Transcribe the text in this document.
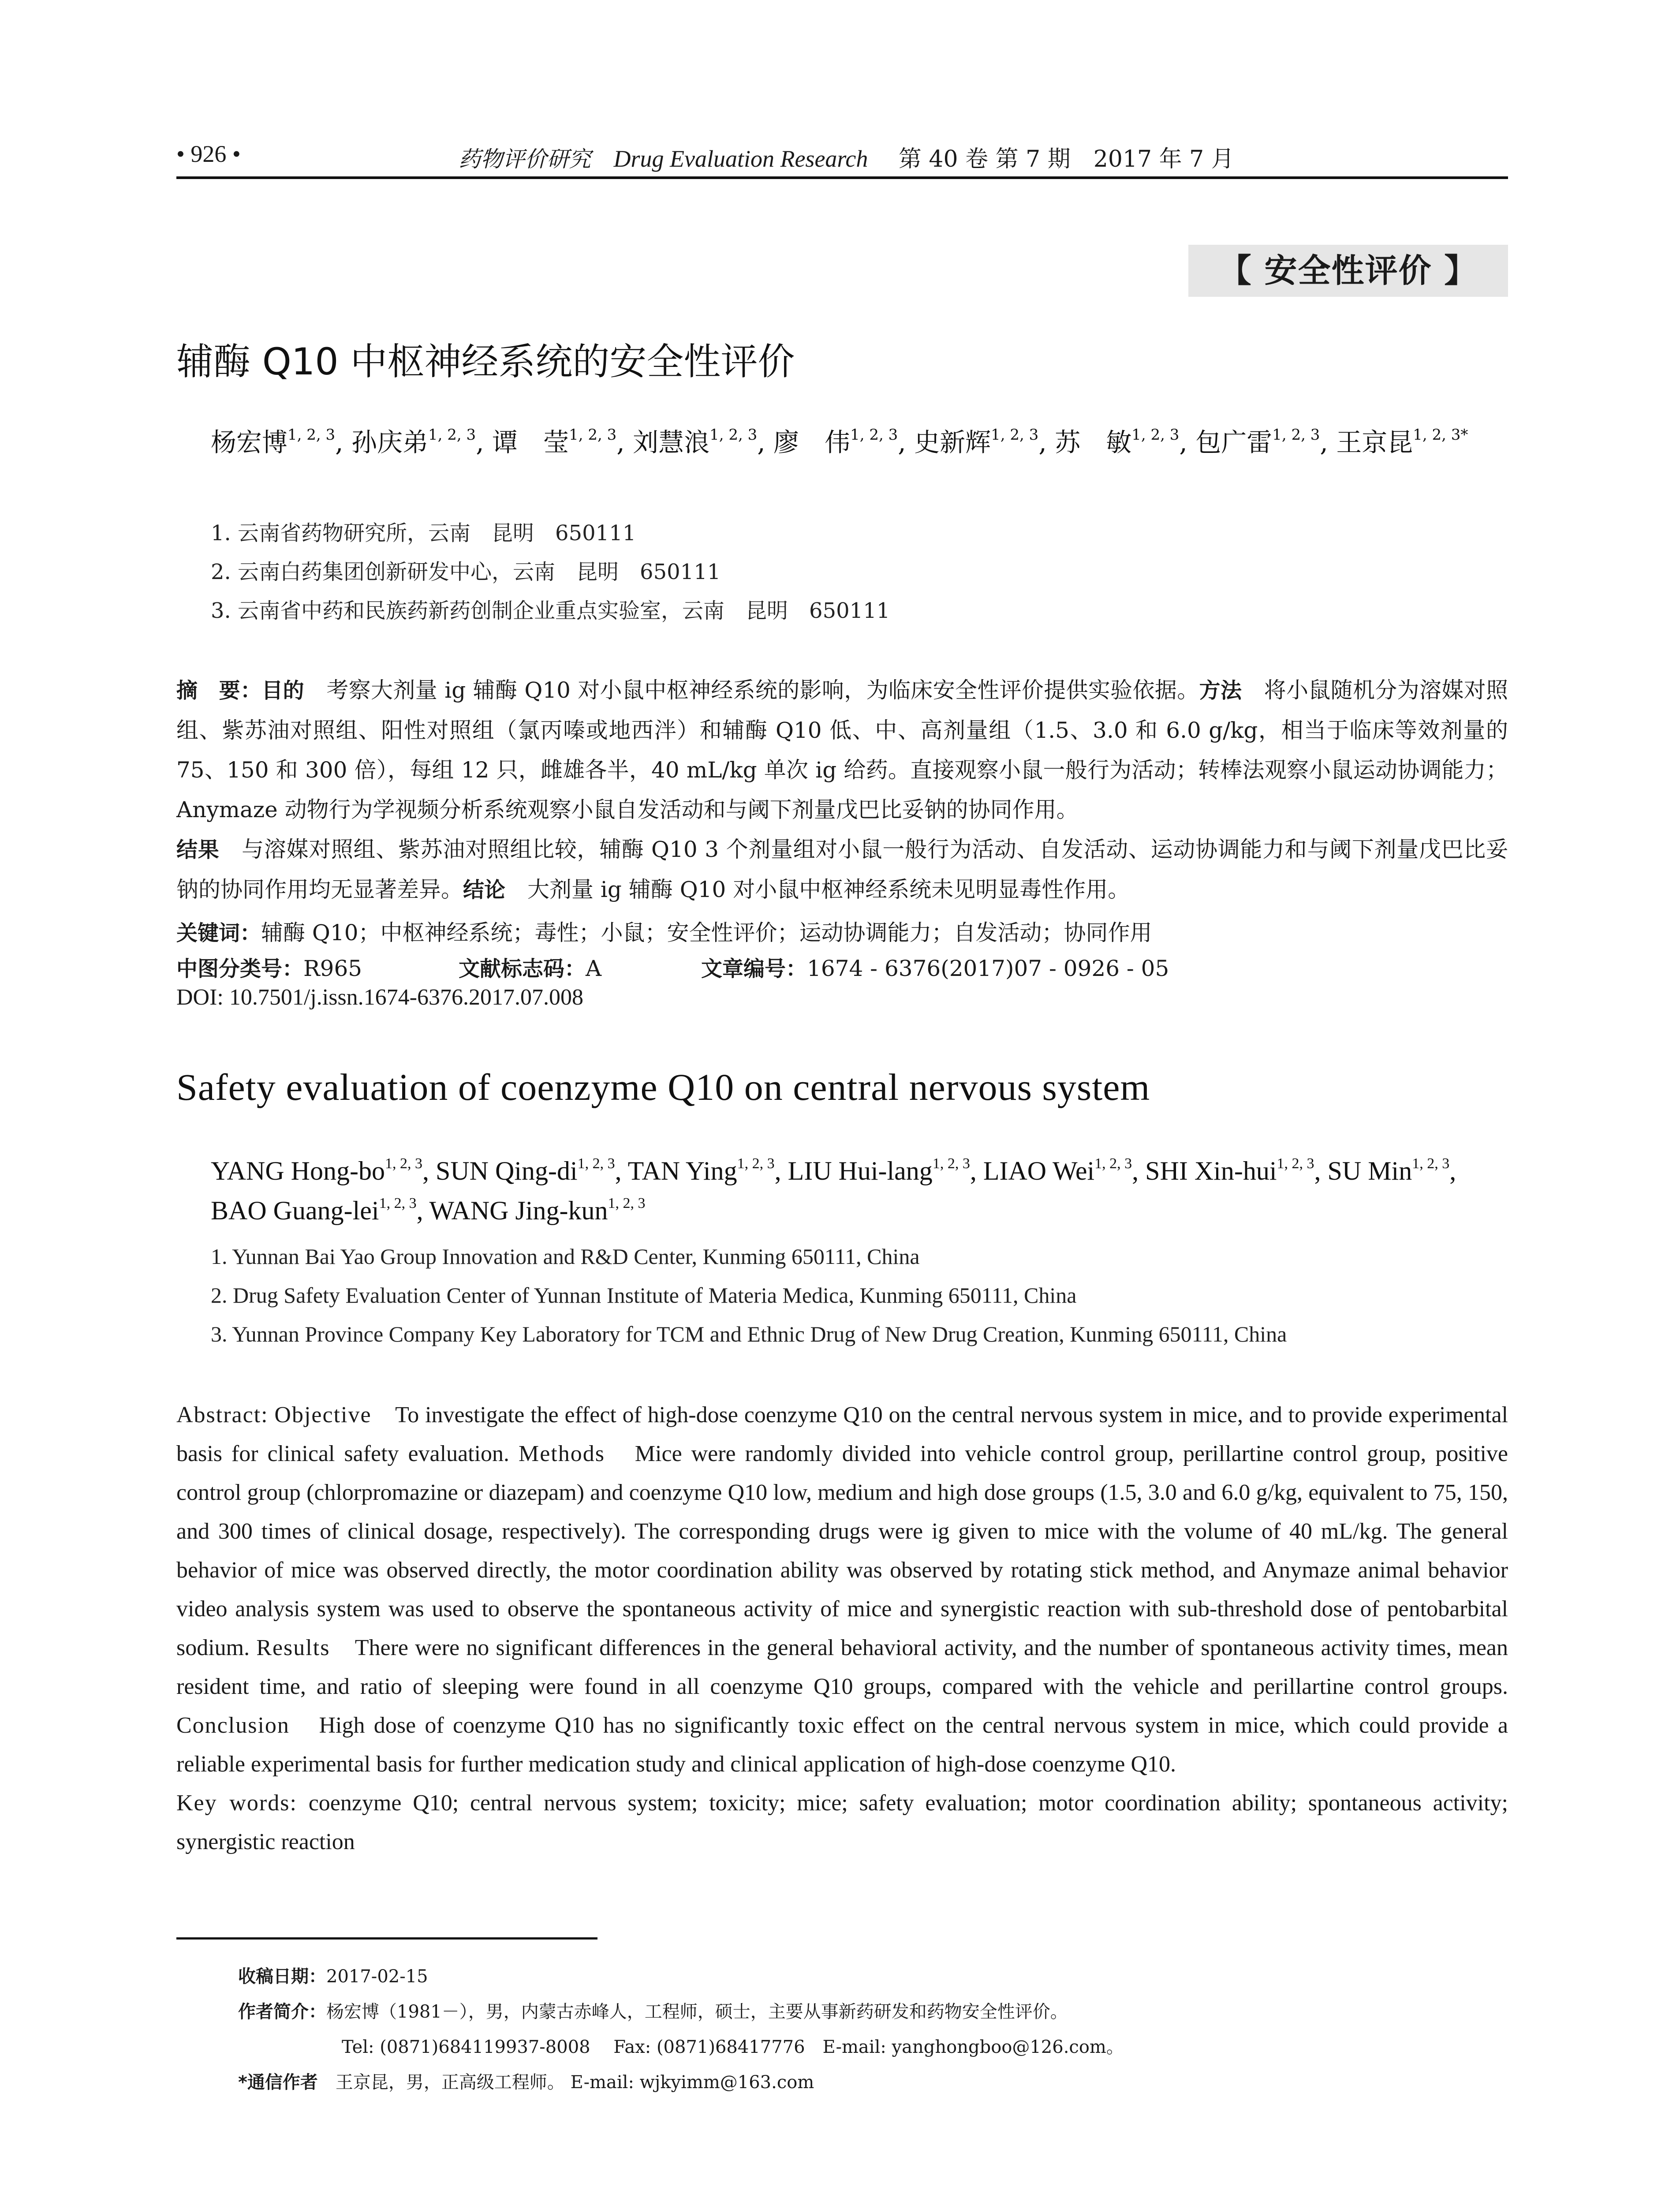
• 926 •	药物评价研究 Drug Evaluation Research 第 40 卷 第 7 期　2017 年 7 月
【 安全性评价 】
辅酶 Q10 中枢神经系统的安全性评价
杨宏博$^{1, 2, 3}$, 孙庆弟$^{1, 2, 3}$, 谭　莹$^{1, 2, 3}$, 刘慧浪$^{1, 2, 3}$, 廖　伟$^{1, 2, 3}$, 史新辉$^{1, 2, 3}$, 苏　敏$^{1, 2, 3}$, 包广雷$^{1, 2, 3}$, 王京昆$^{1, 2, 3*}$
1. 云南省药物研究所，云南　昆明　650111
2. 云南白药集团创新研发中心，云南　昆明　650111
3. 云南省中药和民族药新药创制企业重点实验室，云南　昆明　650111
摘　要：目的　考察大剂量 ig 辅酶 Q10 对小鼠中枢神经系统的影响，为临床安全性评价提供实验依据。方法　将小鼠随机分为溶媒对照组、紫苏油对照组、阳性对照组（氯丙嗪或地西泮）和辅酶 Q10 低、中、高剂量组（1.5、3.0 和 6.0 g/kg，相当于临床等效剂量的 75、150 和 300 倍），每组 12 只，雌雄各半，40 mL/kg 单次 ig 给药。直接观察小鼠一般行为活动；转棒法观察小鼠运动协调能力；Anymaze 动物行为学视频分析系统观察小鼠自发活动和与阈下剂量戊巴比妥钠的协同作用。
结果　与溶媒对照组、紫苏油对照组比较，辅酶 Q10 3 个剂量组对小鼠一般行为活动、自发活动、运动协调能力和与阈下剂量戊巴比妥钠的协同作用均无显著差异。结论　大剂量 ig 辅酶 Q10 对小鼠中枢神经系统未见明显毒性作用。
关键词：辅酶 Q10；中枢神经系统；毒性；小鼠；安全性评价；运动协调能力；自发活动；协同作用
中图分类号：R965	文献标志码：A	文章编号：1674 - 6376(2017)07 - 0926 - 05
DOI: 10.7501/j.issn.1674-6376.2017.07.008
Safety evaluation of coenzyme Q10 on central nervous system
YANG Hong-bo$^{1, 2, 3}$, SUN Qing-di$^{1, 2, 3}$, TAN Ying$^{1, 2, 3}$, LIU Hui-lang$^{1, 2, 3}$, LIAO Wei$^{1, 2, 3}$, SHI Xin-hui$^{1, 2, 3}$, SU Min$^{1, 2, 3}$, BAO Guang-lei$^{1, 2, 3}$, WANG Jing-kun$^{1, 2, 3}$
1. Yunnan Bai Yao Group Innovation and R&D Center, Kunming 650111, China
2. Drug Safety Evaluation Center of Yunnan Institute of Materia Medica, Kunming 650111, China
3. Yunnan Province Company Key Laboratory for TCM and Ethnic Drug of New Drug Creation, Kunming 650111, China
Abstract: Objective　To investigate the effect of high-dose coenzyme Q10 on the central nervous system in mice, and to provide experimental basis for clinical safety evaluation. Methods　Mice were randomly divided into vehicle control group, perillartine control group, positive control group (chlorpromazine or diazepam) and coenzyme Q10 low, medium and high dose groups (1.5, 3.0 and 6.0 g/kg, equivalent to 75, 150, and 300 times of clinical dosage, respectively). The corresponding drugs were ig given to mice with the volume of 40 mL/kg. The general behavior of mice was observed directly, the motor coordination ability was observed by rotating stick method, and Anymaze animal behavior video analysis system was used to observe the spontaneous activity of mice and synergistic reaction with sub-threshold dose of pentobarbital sodium. Results　There were no significant differences in the general behavioral activity, and the number of spontaneous activity times, mean resident time, and ratio of sleeping were found in all coenzyme Q10 groups, compared with the vehicle and perillartine control groups. Conclusion　High dose of coenzyme Q10 has no significantly toxic effect on the central nervous system in mice, which could provide a reliable experimental basis for further medication study and clinical application of high-dose coenzyme Q10.
Key words: coenzyme Q10; central nervous system; toxicity; mice; safety evaluation; motor coordination ability; spontaneous activity; synergistic reaction
收稿日期：2017-02-15
作者简介：杨宏博（1981－），男，内蒙古赤峰人，工程师，硕士，主要从事新药研发和药物安全性评价。
Tel: (0871)684119937-8008　 Fax: (0871)68417776　E-mail: yanghongboo@126.com。
*通信作者　 王京昆，男，正高级工程师。 E-mail: wjkyimm@163.com
